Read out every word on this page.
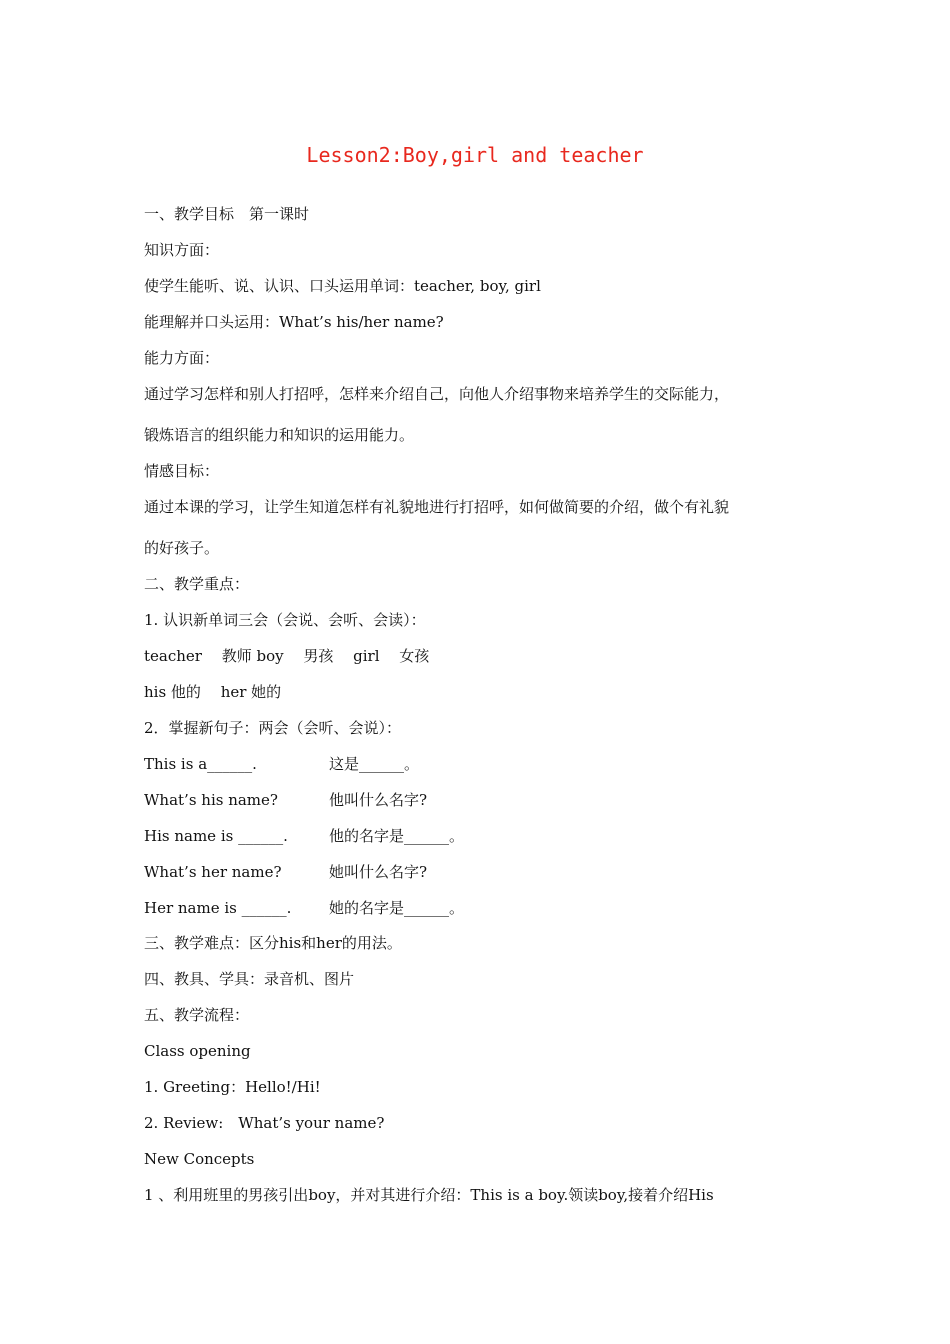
Lesson2:Boy,girl and teacher
一、教学目标　第一课时
知识方面：
使学生能听、说、认识、口头运用单词：teacher, boy, girl
能理解并口头运用：What’s his/her name?
能力方面：
通过学习怎样和别人打招呼，怎样来介绍自己，向他人介绍事物来培养学生的交际能力，
锻炼语言的组织能力和知识的运用能力。
情感目标：
通过本课的学习，让学生知道怎样有礼貌地进行打招呼，如何做简要的介绍，做个有礼貌
的好孩子。
二、教学重点：
1. 认识新单词三会（会说、会听、会读）：
teacher　 教师 boy　 男孩　 girl　 女孩
his 他的　 her 她的
2．掌握新句子：两会（会听、会说）：
This is a______.	这是______。
What’s his name?	他叫什么名字?
His name is ______.	他的名字是______。
What’s her name?	她叫什么名字?
Her name is ______.	她的名字是______。
三、教学难点：区分his和her的用法。
四、教具、学具：录音机、图片
五、教学流程：
Class opening
1. Greeting：Hello!/Hi!
2. Review:　What’s your name?
New Concepts
1 、利用班里的男孩引出boy，并对其进行介绍：This is a boy.领读boy,接着介绍His
